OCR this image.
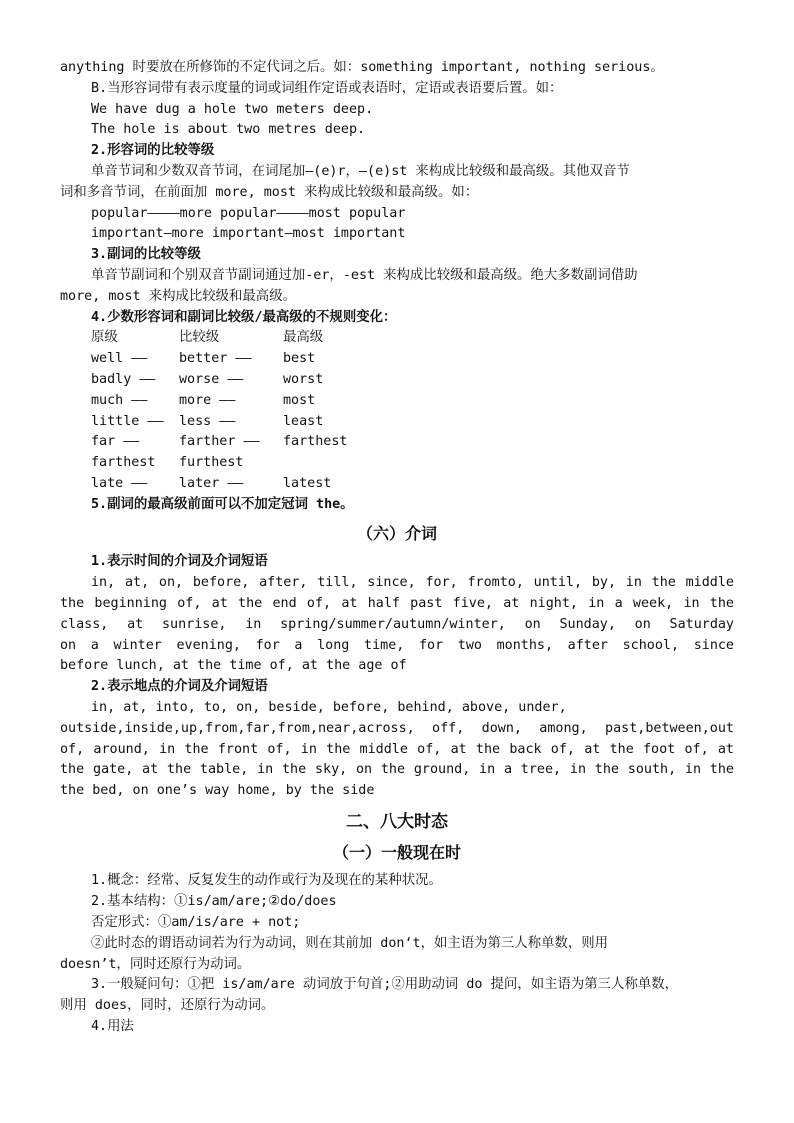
anything 时要放在所修饰的不定代词之后。如：something important, nothing serious。
B.当形容词带有表示度量的词或词组作定语或表语时，定语或表语要后置。如：
We have dug a hole two meters deep.
The hole is about two metres deep.
2.形容词的比较等级
单音节词和少数双音节词，在词尾加—(e)r，—(e)st 来构成比较级和最高级。其他双音节
词和多音节词，在前面加 more, most 来构成比较级和最高级。如：
popular————more popular————most popular
important—more important—most important
3.副词的比较等级
单音节副词和个别双音节副词通过加-er，-est 来构成比较级和最高级。绝大多数副词借助
more, most 来构成比较级和最高级。
4.少数形容词和副词比较级/最高级的不规则变化：
原级	比较级	最高级
well —— better —— best
badly —— worse ——	worst
much —— more ——	most
little —— less ——	least
far ——	farther —— farthest
farthest furthest
late —— later ——	latest
5.副词的最高级前面可以不加定冠词 the。
（六）介词
1.表示时间的介词及介词短语
in, at, on, before, after, till, since, for, fromto, until, by, in the middle
the beginning of, at the end of, at half past five, at night, in a week, in the
class, at sunrise, in spring/summer/autumn/winter, on Sunday, on Saturday
on a winter evening, for a long time, for two months, after school, since
before lunch, at the time of, at the age of
2.表示地点的介词及介词短语
in, at, into, to, on, beside, before, behind, above, under,
outside,inside,up,from,far,from,near,across, off, down, among, past,between,out
of, around, in the front of, in the middle of, at the back of, at the foot of, at
the gate, at the table, in the sky, on the ground, in a tree, in the south, in the
the bed, on one’s way home, by the side
二、八大时态
（一）一般现在时
1.概念：经常、反复发生的动作或行为及现在的某种状况。
2.基本结构：①is/am/are;②do/does
否定形式：①am/is/are + not;
②此时态的谓语动词若为行为动词，则在其前加 don‘t，如主语为第三人称单数，则用
doesn’t，同时还原行为动词。
3.一般疑问句：①把 is/am/are 动词放于句首;②用助动词 do 提问，如主语为第三人称单数，
则用 does，同时，还原行为动词。
4.用法
